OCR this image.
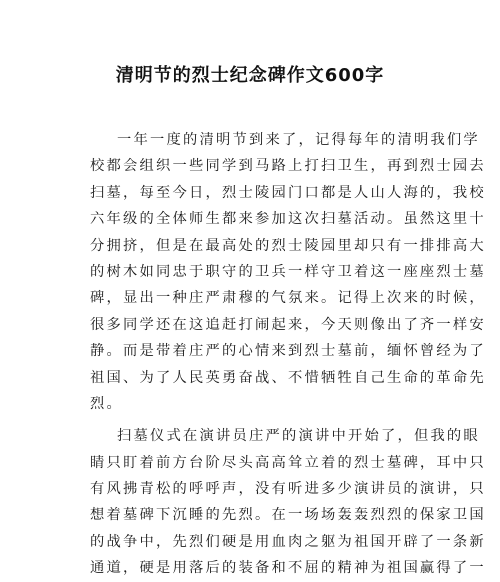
清明节的烈士纪念碑作文600字
一年一度的清明节到来了，记得每年的清明我们学
校都会组织一些同学到马路上打扫卫生，再到烈士园去
扫墓，每至今日，烈士陵园门口都是人山人海的，我校
六年级的全体师生都来参加这次扫墓活动。虽然这里十
分拥挤，但是在最高处的烈士陵园里却只有一排排高大
的树木如同忠于职守的卫兵一样守卫着这一座座烈士墓
碑，显出一种庄严肃穆的气氛来。记得上次来的时候，
很多同学还在这追赶打闹起来，今天则像出了齐一样安
静。而是带着庄严的心情来到烈士墓前，缅怀曾经为了
祖国、为了人民英勇奋战、不惜牺牲自己生命的革命先
烈。
扫墓仪式在演讲员庄严的演讲中开始了，但我的眼
睛只盯着前方台阶尽头高高耸立着的烈士墓碑，耳中只
有风拂青松的呼呼声，没有听进多少演讲员的演讲，只
想着墓碑下沉睡的先烈。在一场场轰轰烈烈的保家卫国
的战争中，先烈们硬是用血肉之躯为祖国开辟了一条新
通道，硬是用落后的装备和不屈的精神为祖国赢得了一
